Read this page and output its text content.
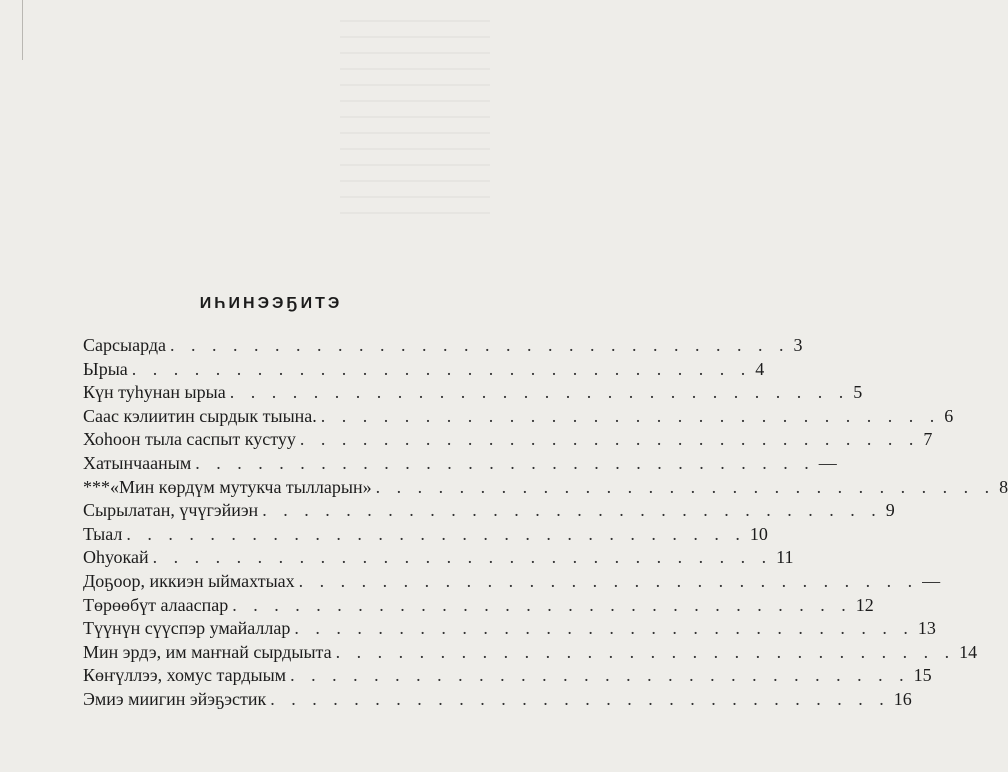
ИҺИНЭЭҔИТЭ
Сарсыарда . . . . . . . . . . . . . . . . . . . . . . . . . . . . . . 3
Ырыа . . . . . . . . . . . . . . . . . . . . . . . . . . . . . . 4
Күн туһунан ырыа . . . . . . . . . . . . . . . . . . . . . . . . . . . . . . 5
Саас кэлиитин сырдык тыына. . . . . . . . . . . . . . . . . . . . . . . . . . . . . . . 6
Хоһоон тыла саспыт кустуу . . . . . . . . . . . . . . . . . . . . . . . . . . . . . . 7
Хатынчааным . . . . . . . . . . . . . . . . . . . . . . . . . . . . . . —
***«Мин көрдүм мутукча тылларын» . . . . . . . . . . . . . . . . . . . . . . . . . . . . . . 8
Сырылатан, үчүгэйиэн . . . . . . . . . . . . . . . . . . . . . . . . . . . . . . 9
Тыал . . . . . . . . . . . . . . . . . . . . . . . . . . . . . . 10
Оһуокай . . . . . . . . . . . . . . . . . . . . . . . . . . . . . . 11
Доҕоор, иккиэн ыймахтыах . . . . . . . . . . . . . . . . . . . . . . . . . . . . . . —
Төрөөбүт алааспар . . . . . . . . . . . . . . . . . . . . . . . . . . . . . . 12
Түүнүн сүүспэр умайаллар . . . . . . . . . . . . . . . . . . . . . . . . . . . . . . 13
Мин эрдэ, им маҥнай сырдыыта . . . . . . . . . . . . . . . . . . . . . . . . . . . . . . 14
Көҥүллээ, хомус тардыым . . . . . . . . . . . . . . . . . . . . . . . . . . . . . . 15
Эмиэ миигин эйэҕэстик . . . . . . . . . . . . . . . . . . . . . . . . . . . . . . 16
